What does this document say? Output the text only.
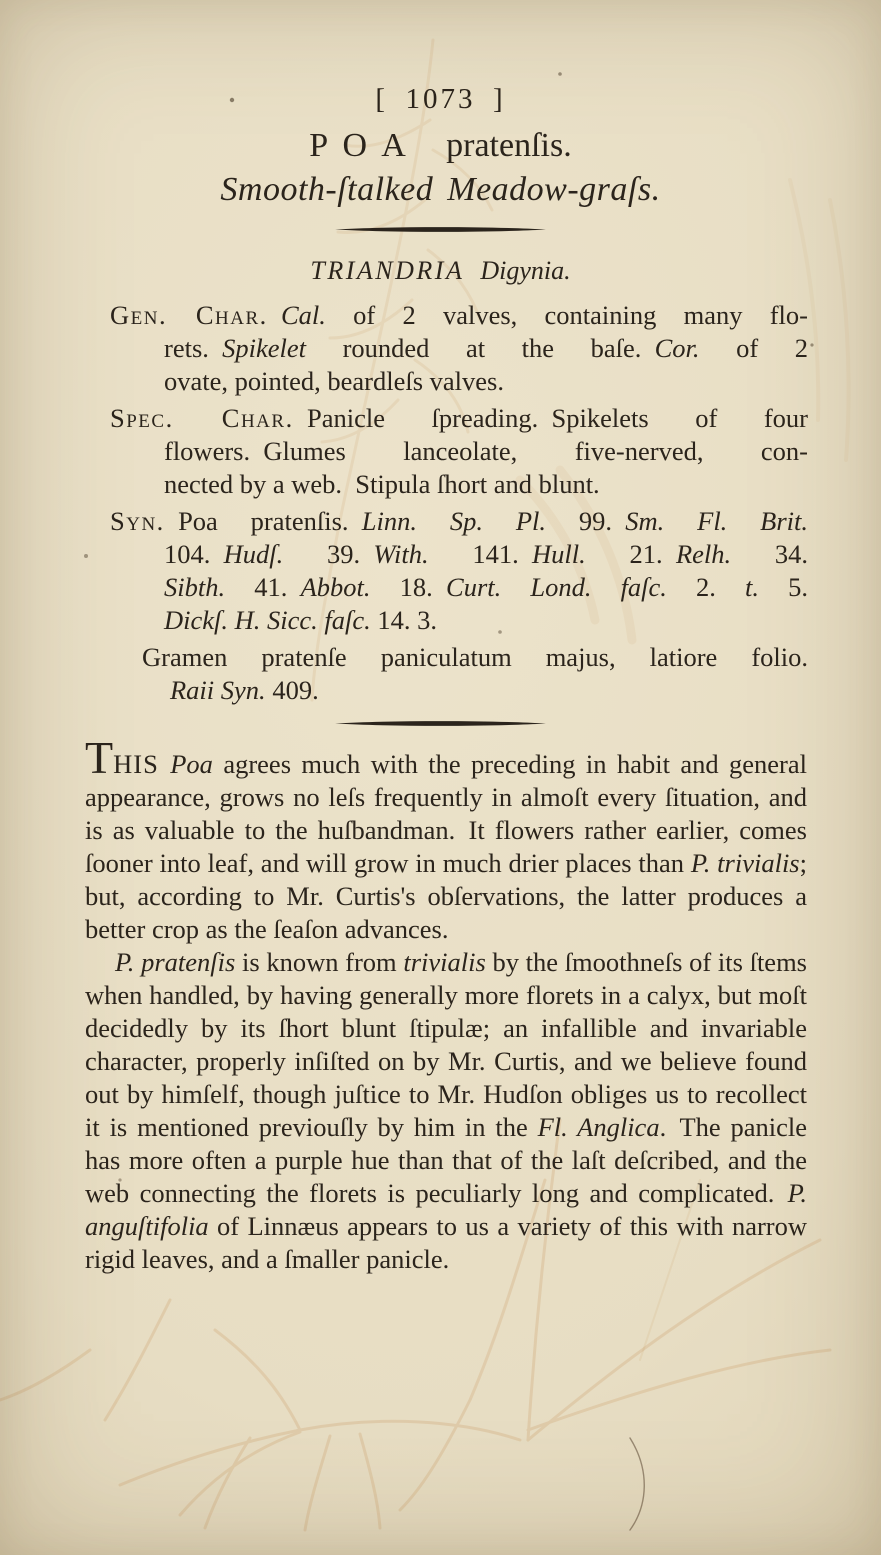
[ 1073 ]
POA pratenſis.
Smooth-ſtalked Meadow-graſs.
TRIANDRIA Digynia.
Gen. Char.  Cal. of 2 valves, containing many flo-
rets. Spikelet rounded at the baſe. Cor. of 2
ovate, pointed, beardleſs valves.
Spec. Char. Panicle ſpreading. Spikelets of four
flowers. Glumes lanceolate, five-nerved, con-
nected by a web. Stipula ſhort and blunt.
Syn. Poa pratenſis. Linn. Sp. Pl. 99. Sm. Fl. Brit.
104. Hudſ. 39. With. 141. Hull. 21. Relh. 34.
Sibth. 41. Abbot. 18. Curt. Lond. faſc. 2. t. 5.
Dickſ. H. Sicc. faſc. 14. 3.
Gramen pratenſe paniculatum majus, latiore folio.
Raii Syn. 409.
THIS Poa agrees much with the preceding in habit and general appearance, grows no leſs frequently in almoſt every ſituation, and is as valuable to the huſbandman. It flowers rather earlier, comes ſooner into leaf, and will grow in much drier places than P. trivialis; but, according to Mr. Curtis's obſervations, the latter produces a better crop as the ſeaſon advances.
P. pratenſis is known from trivialis by the ſmoothneſs of its ſtems when handled, by having generally more florets in a calyx, but moſt decidedly by its ſhort blunt ſtipulæ; an infallible and invariable character, properly inſiſted on by Mr. Curtis, and we believe found out by himſelf, though juſtice to Mr. Hudſon obliges us to recollect it is mentioned previouſly by him in the Fl. Anglica. The panicle has more often a purple hue than that of the laſt deſcribed, and the web connecting the florets is peculiarly long and complicated. P. anguſtifolia of Linnæus appears to us a variety of this with narrow rigid leaves, and a ſmaller panicle.
